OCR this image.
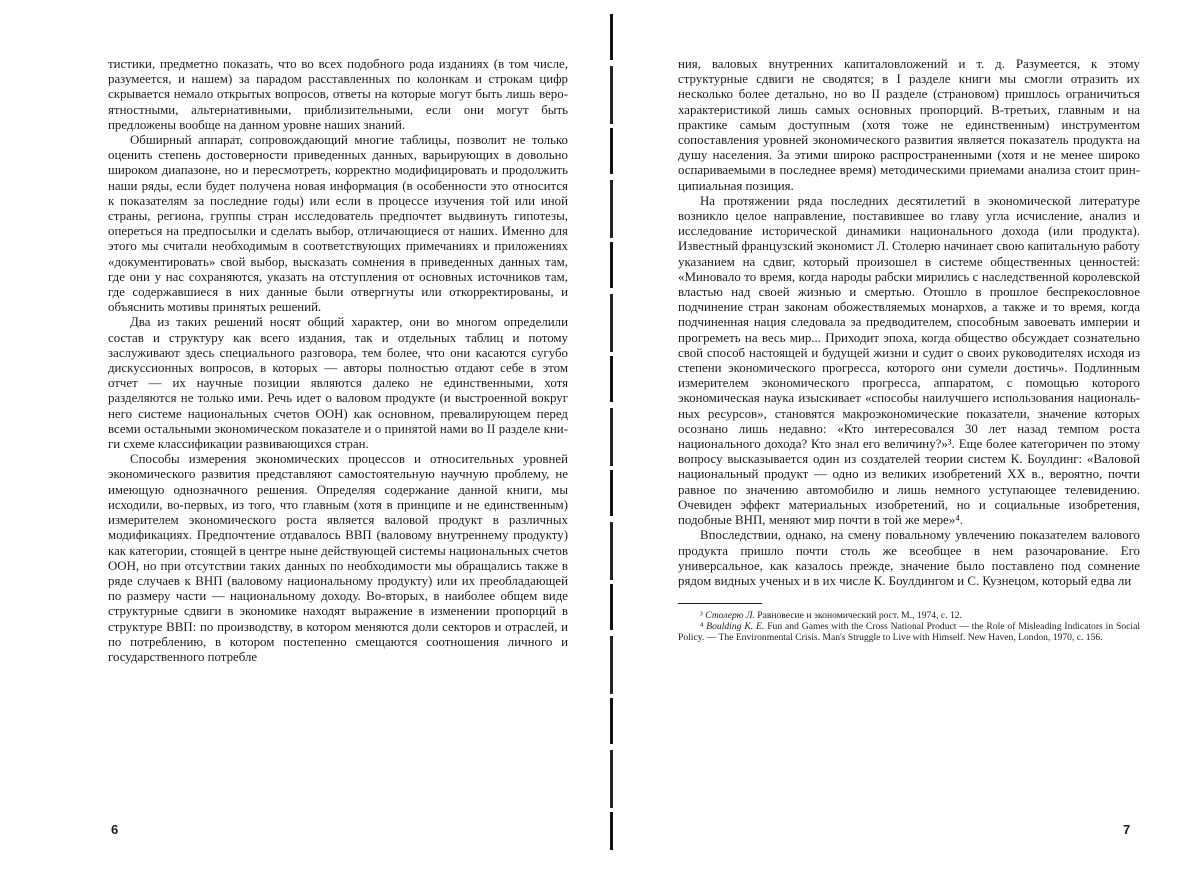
тистики, предметно показать, что во всех подобного рода изданиях (в том числе, разумеется, и нашем) за парадом расставленных по колонкам и строкам цифр скрывается немало открытых вопросов, ответы на которые могут быть лишь вероятностными, альтернативными, приблизительными, если они могут быть предложены вообще на данном уровне наших знаний.

Обширный аппарат, сопровождающий многие таблицы, позволит не только оценить степень достоверности приведенных данных, варьирующих в довольно широком диапазоне, но и пересмотреть, корректно модифицировать и продолжить наши ряды, если будет получена новая информация (в особенности это относится к показателям за последние годы) или если в процессе изучения той или иной страны, региона, группы стран исследователь предпочтет выдвинуть гипотезы, опереться на предпосылки и сделать выбор, отличающиеся от наших. Именно для этого мы считали необходимым в соответствующих примечаниях и приложениях «документировать» свой выбор, высказать сомнения в приведенных данных там, где они у нас сохраняются, указать на отступления от основных источников там, где содержавшиеся в них данные были отвергнуты или откорректированы, и объяснить мотивы принятых решений.

Два из таких решений носят общий характер, они во многом определили состав и структуру как всего издания, так и отдельных таблиц и потому заслуживают здесь специального разговора, тем более, что они касаются сугубо дискуссионных вопросов, в которых — авторы полностью отдают себе в этом отчет — их научные позиции являются далеко не единственными, хотя разделяются не только ими. Речь идет о валовом продукте (и выстроенной вокруг него системе национальных счетов ООН) как основном, превалирующем перед всеми остальными экономическом показателе и о принятой нами во II разделе книги схеме классификации развивающихся стран.

Способы измерения экономических процессов и относительных уровней экономического развития представляют самостоятельную научную проблему, не имеющую однозначного решения. Определяя содержание данной книги, мы исходили, во-первых, из того, что главным (хотя в принципе и не единственным) измерителем экономического роста является валовой продукт в различных модификациях. Предпочтение отдавалось ВВП (валовому внутреннему продукту) как категории, стоящей в центре ныне действующей системы национальных счетов ООН, но при отсутствии таких данных по необходимости мы обращались также в ряде случаев к ВНП (валовому национальному продукту) или их преобладающей по размеру части — национальному доходу. Во-вторых, в наиболее общем виде структурные сдвиги в экономике находят выражение в изменении пропорций в структуре ВВП: по производству, в котором меняются доли секторов и отраслей, и по потреблению, в котором постепенно смещаются соотношения личного и государственного потребле

6

ния, валовых внутренних капиталовложений и т. д. Разумеется, к этому структурные сдвиги не сводятся; в I разделе книги мы смогли отразить их несколько более детально, но во II разделе (страновом) пришлось ограничиться характеристикой лишь самых основных пропорций. В-третьих, главным и на практике самым доступным (хотя тоже не единственным) инструментом сопоставления уровней экономического развития является показатель продукта на душу населения. За этими широко распространенными (хотя и не менее широко оспариваемыми в последнее время) методическими приемами анализа стоит принципиальная позиция.

На протяжении ряда последних десятилетий в экономической литературе возникло целое направление, поставившее во главу угла исчисление, анализ и исследование исторической динамики национального дохода (или продукта). Известный французский экономист Л. Столерю начинает свою капитальную работу указанием на сдвиг, который произошел в системе общественных ценностей: «Миновало то время, когда народы рабски мирились с наследственной королевской властью над своей жизнью и смертью. Отошло в прошлое беспрекословное подчинение стран законам обожествляемых монархов, а также и то время, когда подчиненная нация следовала за предводителем, способным завоевать империи и прогреметь на весь мир... Приходит эпоха, когда общество обсуждает сознательно свой способ настоящей и будущей жизни и судит о своих руководителях исходя из степени экономического прогресса, которого они сумели достичь». Подлинным измерителем экономического прогресса, аппаратом, с помощью которого экономическая наука изыскивает «способы наилучшего использования национальных ресурсов», становятся макроэкономические показатели, значение которых осознано лишь недавно: «Кто интересовался 30 лет назад темпом роста национального дохода? Кто знал его величину?»³. Еще более категоричен по этому вопросу высказывается один из создателей теории систем К. Боулдинг: «Валовой национальный продукт — одно из великих изобретений XX в., вероятно, почти равное по значению автомобилю и лишь немного уступающее телевидению. Очевиден эффект материальных изобретений, но и социальные изобретения, подобные ВНП, меняют мир почти в той же мере»⁴.

Впоследствии, однако, на смену повальному увлечению показателем валового продукта пришло почти столь же всеобщее в нем разочарование. Его универсальное, как казалось прежде, значение было поставлено под сомнение рядом видных ученых и в их числе К. Боулдингом и С. Кузнецом, который едва ли

³ Столерю Л. Равновесие и экономический рост. М., 1974, с. 12.

⁴ Boulding K. E. Fun and Games with the Cross National Product — the Role of Misleading Indicators in Social Policy. — The Environmental Crisis. Man's Struggle to Live with Himself. New Haven, London, 1970, c. 156.

7
